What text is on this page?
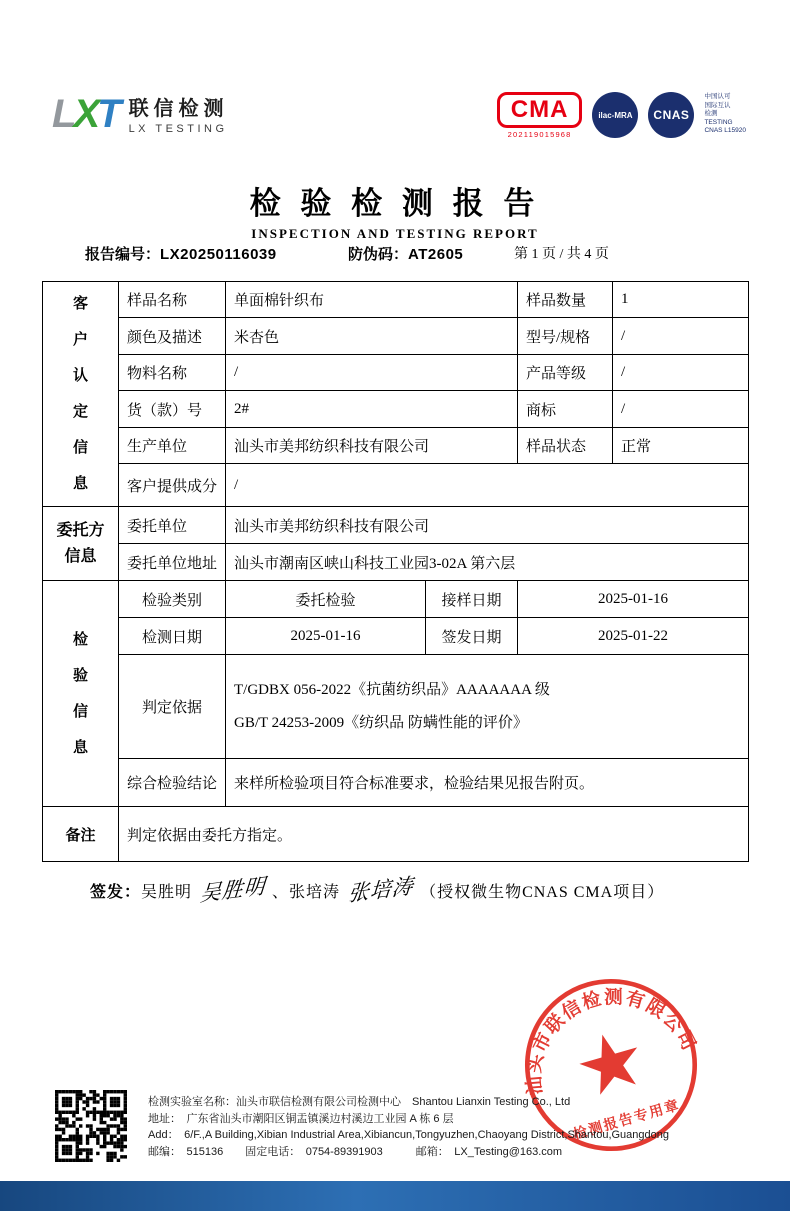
LXT 联信检测
LX TESTING
CMA
202119015968
ilac-MRA	CNAS
中国认可
国际互认
检测
TESTING
CNAS L15920
检 验 检 测 报 告
INSPECTION AND TESTING REPORT
报告编号：LX20250116039	防伪码：AT2605	第 1 页 / 共 4 页
客户认定信息	样品名称	单面棉针织布		样品数量	1
	颜色及描述	米杏色		型号/规格	/
	物料名称	/		产品等级	/
	货（款）号	2#		商标	/
	生产单位	汕头市美邦纺织科技有限公司		样品状态	正常
	客户提供成分	/			

委托方信息	委托单位	汕头市美邦纺织科技有限公司			
	委托单位地址	汕头市潮南区峡山科技工业园3-02A 第六层			

检验信息	检验类别	委托检验	接样日期	2025-01-16	
	检测日期	2025-01-16	签发日期	2025-01-22	
	判定依据	T/GDBX 056-2022《抗菌纺织品》AAAAAAA 级
GB/T 24253-2009《纺织品 防螨性能的评价》			

	综合检验结论	来样所检验项目符合标准要求，检验结果见报告附页。			
备注	判定依据由委托方指定。				
签发：吴胜明 吴胜明 、张培涛 张培涛 （授权微生物CNAS CMA项目）
汕头市联信检测有限公司
检测报告专用章
检测实验室名称：汕头市联信检测有限公司检测中心　Shantou Lianxin Testing Co., Ltd
地址：　广东省汕头市潮阳区铜盂镇溪边村溪边工业园 A 栋 6 层
Add：　6/F.,A Building,Xibian Industrial Area,Xibiancun,Tongyuzhen,Chaoyang District,Shantou,Guangdong
邮编：　515136　　固定电话：　0754-89391903　　　邮箱：　LX_Testing@163.com
